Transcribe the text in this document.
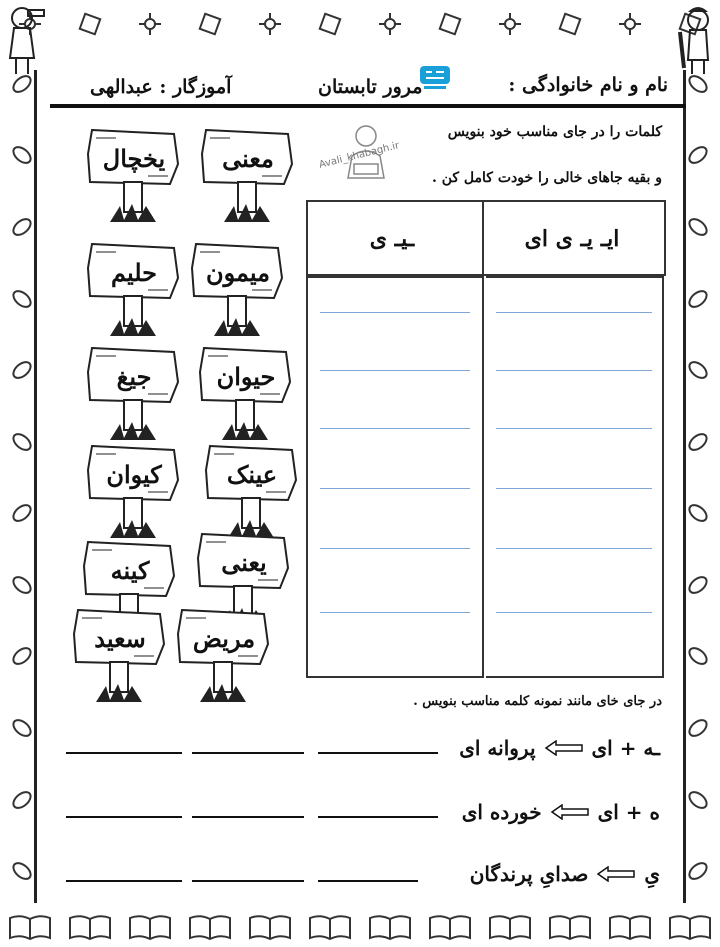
نام و نام خانوادگی :
مرور تابستان
آموزگار : عبدالهی
Avali_khabagh.ir
کلمات را در جای مناسب خود بنویس
و بقیه جاهای خالی را خودت کامل کن .
ا‌یـ یـ ی ای
ـیـ ی
یخچال	معنی
حلیم	میمون
جیغ	حیوان
کیوان	عینک
کینه	یعنی
سعید	مریض
در جای خای مانند نمونه کلمه مناسب بنویس .
ـه + ای
پروانه ای
ه + ای
خورده ای
یِ
صدایِ پرندگان
